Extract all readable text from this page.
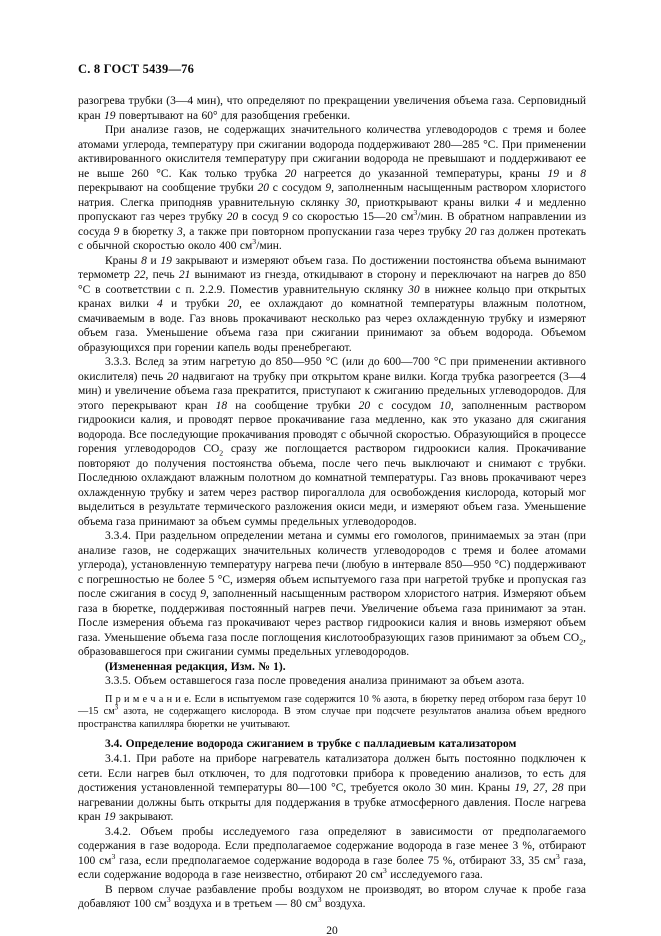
С. 8 ГОСТ 5439—76

разогрева трубки (3—4 мин), что определяют по прекращении увеличения объема газа. Серповидный кран 19 повертывают на 60° для разобщения гребенки.

При анализе газов, не содержащих значительного количества углеводородов с тремя и более атомами углерода, температуру при сжигании водорода поддерживают 280—285 °С. При применении активированного окислителя температуру при сжигании водорода не превышают и поддерживают ее не выше 260 °С. Как только трубка 20 нагреется до указанной температуры, краны 19 и 8 перекрывают на сообщение трубки 20 с сосудом 9, заполненным насыщенным раствором хлористого натрия. Слегка приподняв уравнительную склянку 30, приоткрывают краны вилки 4 и медленно пропускают газ через трубку 20 в сосуд 9 со скоростью 15—20 $см^3$/мин. В обратном направлении из сосуда 9 в бюретку 3, а также при повторном пропускании газа через трубку 20 газ должен протекать с обычной скоростью около 400 $см^3$/мин.

Краны 8 и 19 закрывают и измеряют объем газа. По достижении постоянства объема вынимают термометр 22, печь 21 вынимают из гнезда, откидывают в сторону и переключают на нагрев до 850 °С в соответствии с п. 2.2.9. Поместив уравнительную склянку 30 в нижнее кольцо при открытых кранах вилки 4 и трубки 20, ее охлаждают до комнатной температуры влажным полотном, смачиваемым в воде. Газ вновь прокачивают несколько раз через охлажденную трубку и измеряют объем газа. Уменьшение объема газа при сжигании принимают за объем водорода. Объемом образующихся при горении капель воды пренебрегают.

3.3.3. Вслед за этим нагретую до 850—950 °С (или до 600—700 °С при применении активного окислителя) печь 20 надвигают на трубку при открытом кране вилки. Когда трубка разогреется (3—4 мин) и увеличение объема газа прекратится, приступают к сжиганию предельных углеводородов. Для этого перекрывают кран 18 на сообщение трубки 20 с сосудом 10, заполненным раствором гидроокиси калия, и проводят первое прокачивание газа медленно, как это указано для сжигания водорода. Все последующие прокачивания проводят с обычной скоростью. Образующийся в процессе горения углеводородов $CO_2$ сразу же поглощается раствором гидроокиси калия. Прокачивание повторяют до получения постоянства объема, после чего печь выключают и снимают с трубки. Последнюю охлаждают влажным полотном до комнатной температуры. Газ вновь прокачивают через охлажденную трубку и затем через раствор пирогаллола для освобождения кислорода, который мог выделиться в результате термического разложения окиси меди, и измеряют объем газа. Уменьшение объема газа принимают за объем суммы предельных углеводородов.

3.3.4. При раздельном определении метана и суммы его гомологов, принимаемых за этан (при анализе газов, не содержащих значительных количеств углеводородов с тремя и более атомами углерода), установленную температуру нагрева печи (любую в интервале 850—950 °С) поддерживают с погрешностью не более 5 °С, измеряя объем испытуемого газа при нагретой трубке и пропуская газ после сжигания в сосуд 9, заполненный насыщенным раствором хлористого натрия. Измеряют объем газа в бюретке, поддерживая постоянный нагрев печи. Увеличение объема газа принимают за этан. После измерения объема газ прокачивают через раствор гидроокиси калия и вновь измеряют объем газа. Уменьшение объема газа после поглощения кислотообразующих газов принимают за объем $CO_2$, образовавшегося при сжигании суммы предельных углеводородов.

(Измененная редакция, Изм. № 1).

3.3.5. Объем оставшегося газа после проведения анализа принимают за объем азота.

П р и м е ч а н и е. Если в испытуемом газе содержится 10 % азота, в бюретку перед отбором газа берут 10—15 $см^3$ азота, не содержащего кислорода. В этом случае при подсчете результатов анализа объем вредного пространства капилляра бюретки не учитывают.

3.4. Определение водорода сжиганием в трубке с палладиевым катализатором

3.4.1. При работе на приборе нагреватель катализатора должен быть постоянно подключен к сети. Если нагрев был отключен, то для подготовки прибора к проведению анализов, то есть для достижения установленной температуры 80—100 °С, требуется около 30 мин. Краны 19, 27, 28 при нагревании должны быть открыты для поддержания в трубке атмосферного давления. После нагрева кран 19 закрывают.

3.4.2. Объем пробы исследуемого газа определяют в зависимости от предполагаемого содержания в газе водорода. Если предполагаемое содержание водорода в газе менее 3 %, отбирают 100 $см^3$ газа, если предполагаемое содержание водорода в газе более 75 %, отбирают 33, 35 $см^3$ газа, если содержание водорода в газе неизвестно, отбирают 20 $см^3$ исследуемого газа.

В первом случае разбавление пробы воздухом не производят, во втором случае к пробе газа добавляют 100 $см^3$ воздуха и в третьем — 80 $см^3$ воздуха.

20
